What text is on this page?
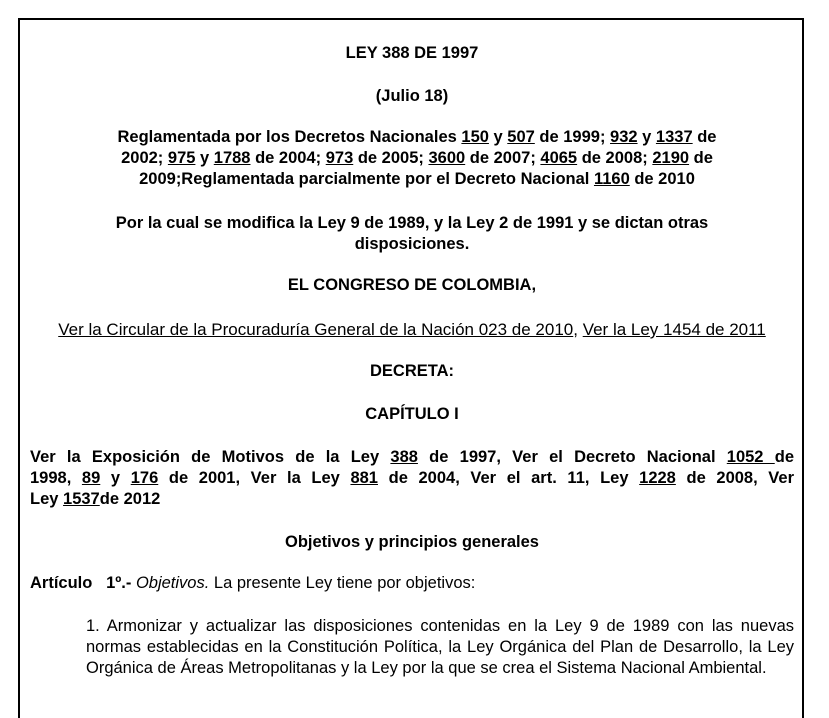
LEY 388 DE 1997

(Julio 18)

Reglamentada por los Decretos Nacionales 150 y 507 de 1999; 932 y 1337 de
2002; 975 y 1788 de 2004; 973 de 2005; 3600 de 2007; 4065 de 2008; 2190 de
2009;Reglamentada parcialmente por el Decreto Nacional 1160 de 2010

Por la cual se modifica la Ley 9 de 1989, y la Ley 2 de 1991 y se dictan otras disposiciones.

EL CONGRESO DE COLOMBIA,

Ver la Circular de la Procuraduría General de la Nación 023 de 2010, Ver la Ley 1454 de 2011

DECRETA:

CAPÍTULO I

Ver la Exposición de Motivos de la Ley 388 de 1997, Ver el Decreto Nacional 1052 de
1998, 89 y 176 de 2001, Ver la Ley 881 de 2004, Ver el art. 11, Ley 1228 de 2008, Ver
Ley 1537de 2012

Objetivos y principios generales

Artículo   1º.- Objetivos. La presente Ley tiene por objetivos:

1. Armonizar y actualizar las disposiciones contenidas en la Ley 9 de 1989 con las nuevas normas establecidas en la Constitución Política, la Ley Orgánica del Plan de Desarrollo, la Ley Orgánica de Áreas Metropolitanas y la Ley por la que se crea el Sistema Nacional Ambiental.
